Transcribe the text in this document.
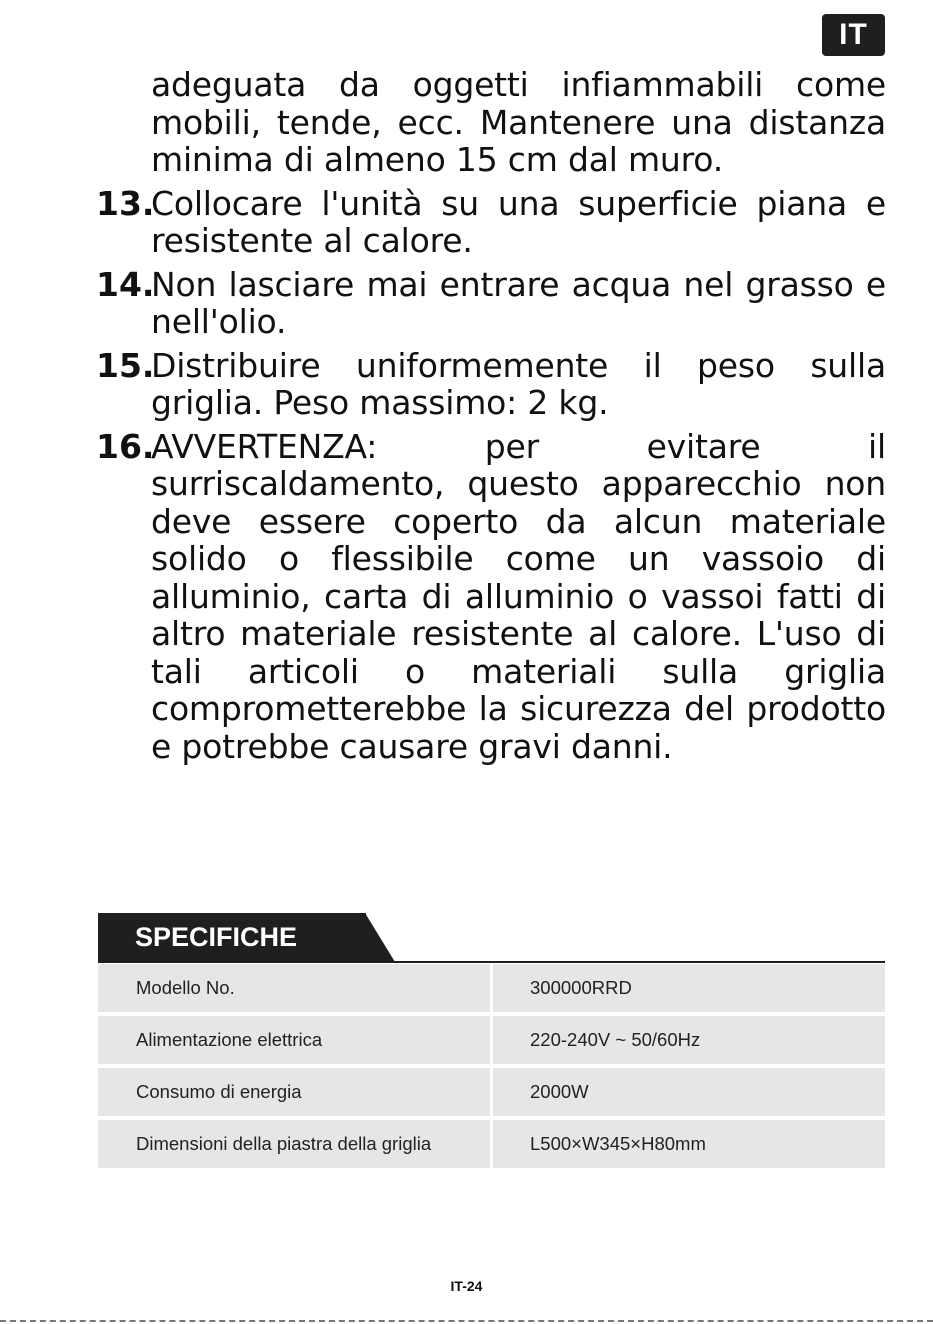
IT
adeguata da oggetti infiammabili come mobili, tende, ecc. Mantenere una distanza minima di almeno 15 cm dal muro.
13.
Collocare l'unità su una superficie piana e resistente al calore.
14.
Non lasciare mai entrare acqua nel grasso e nell'olio.
15.
Distribuire uniformemente il peso sulla griglia. Peso massimo: 2 kg.
16.
AVVERTENZA: per evitare il surriscaldamento, questo apparecchio non deve essere coperto da alcun materiale solido o flessibile come un vassoio di alluminio, carta di alluminio o vassoi fatti di altro materiale resistente al calore. L'uso di tali articoli o materiali sulla griglia comprometterebbe la sicurezza del prodotto e potrebbe causare gravi danni.
SPECIFICHE
Modello No.	300000RRD
Alimentazione elettrica	220-240V ~ 50/60Hz
Consumo di energia	2000W
Dimensioni della piastra della griglia	L500×W345×H80mm
IT-24
